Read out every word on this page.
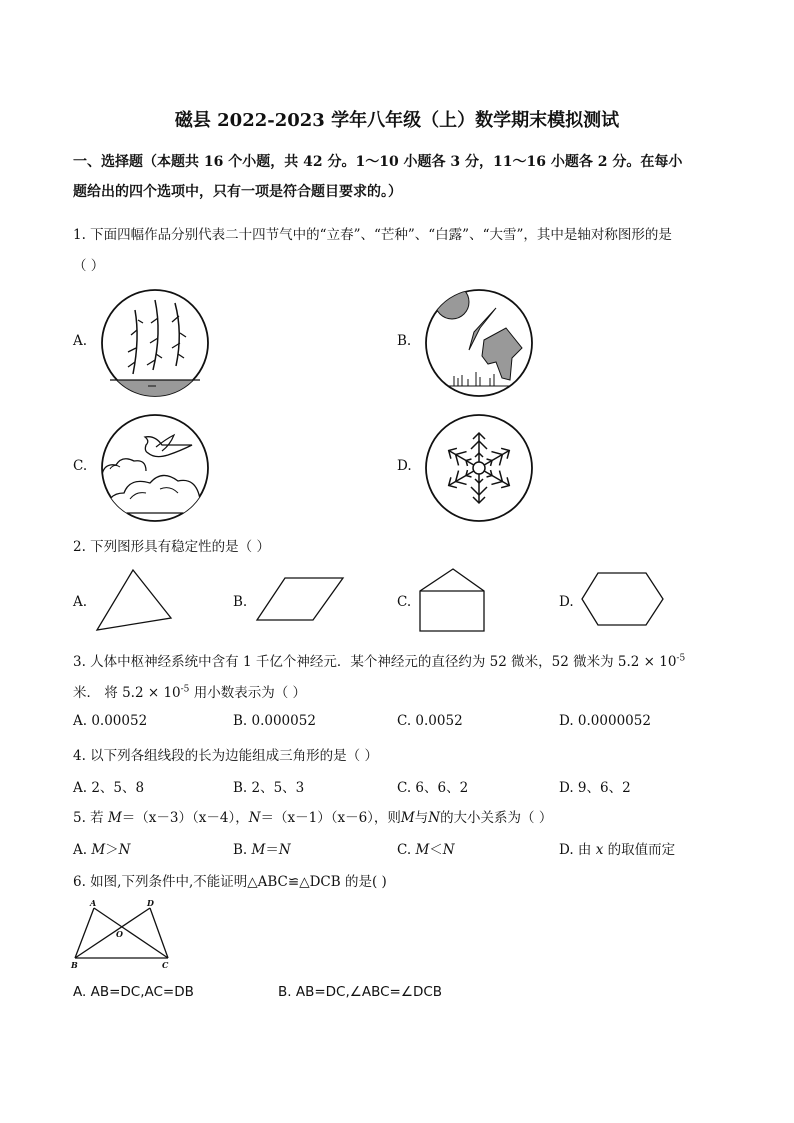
磁县 2022-2023 学年八年级（上）数学期末模拟测试
一、选择题（本题共 16 个小题，共 42 分。1～10 小题各 3 分，11～16 小题各 2 分。在每小
题给出的四个选项中，只有一项是符合题目要求的。）
1. 下面四幅作品分别代表二十四节气中的“立春”、“芒种”、“白露”、“大雪”，其中是轴对称图形的是
（ ）
A.	B.
C.	D.
2. 下列图形具有稳定性的是（ ）
A.	B.	C.	D.
3. 人体中枢神经系统中含有 1 千亿个神经元．某个神经元的直径约为 52 微米，52 微米为 $5.2 \times 10^{-5}$
米． 将 $5.2 \times 10^{-5}$ 用小数表示为（ ）
A. 0.00052	B. 0.000052	C. 0.0052	D. 0.0000052
4. 以下列各组线段的长为边能组成三角形的是（ ）
A. 2、5、8	B. 2、5、3	C. 6、6、2	D. 9、6、2
5. 若 M＝（x－3）（x－4），N＝（x－1）（x－6），则M与N的大小关系为（ ）
A. M＞N	B. M＝N	C. M＜N	D. 由 x 的取值而定
6. 如图,下列条件中,不能证明△ABC≌△DCB 的是( )
A	D
O
B	C
A. AB=DC,AC=DB	B. AB=DC,∠ABC=∠DCB
